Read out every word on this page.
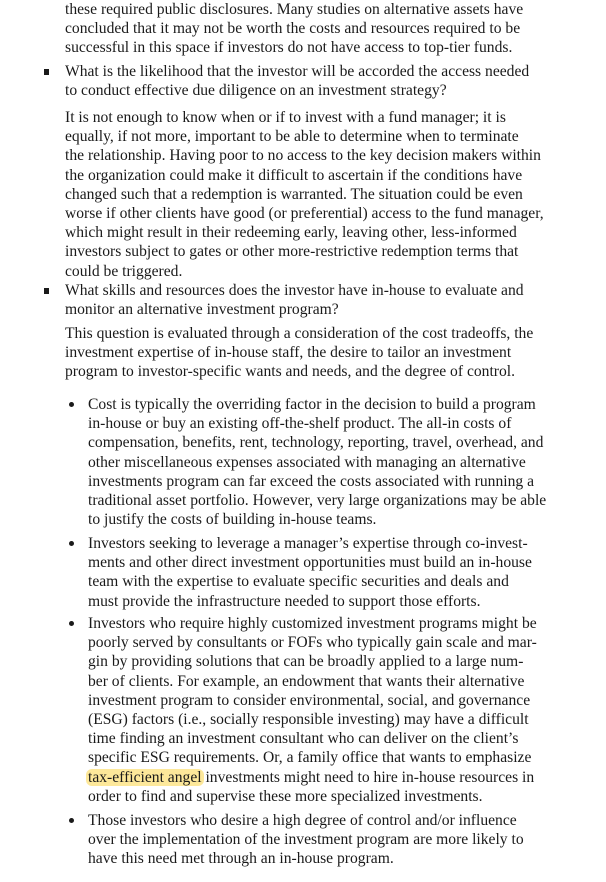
these required public disclosures. Many studies on alternative assets have
concluded that it may not be worth the costs and resources required to be
successful in this space if investors do not have access to top-tier funds.

What is the likelihood that the investor will be accorded the access needed
to conduct effective due diligence on an investment strategy?

It is not enough to know when or if to invest with a fund manager; it is
equally, if not more, important to be able to determine when to terminate
the relationship. Having poor to no access to the key decision makers within
the organization could make it difficult to ascertain if the conditions have
changed such that a redemption is warranted. The situation could be even
worse if other clients have good (or preferential) access to the fund manager,
which might result in their redeeming early, leaving other, less-informed
investors subject to gates or other more-restrictive redemption terms that
could be triggered.

What skills and resources does the investor have in-house to evaluate and
monitor an alternative investment program?

This question is evaluated through a consideration of the cost tradeoffs, the
investment expertise of in-house staff, the desire to tailor an investment
program to investor-specific wants and needs, and the degree of control.

Cost is typically the overriding factor in the decision to build a program
in-house or buy an existing off-the-shelf product. The all-in costs of
compensation, benefits, rent, technology, reporting, travel, overhead, and
other miscellaneous expenses associated with managing an alternative
investments program can far exceed the costs associated with running a
traditional asset portfolio. However, very large organizations may be able
to justify the costs of building in-house teams.
Investors seeking to leverage a manager’s expertise through co-invest-
ments and other direct investment opportunities must build an in-house
team with the expertise to evaluate specific securities and deals and
must provide the infrastructure needed to support those efforts.
Investors who require highly customized investment programs might be
poorly served by consultants or FOFs who typically gain scale and mar-
gin by providing solutions that can be broadly applied to a large num-
ber of clients. For example, an endowment that wants their alternative
investment program to consider environmental, social, and governance
(ESG) factors (i.e., socially responsible investing) may have a difficult
time finding an investment consultant who can deliver on the client’s
specific ESG requirements. Or, a family office that wants to emphasize
tax-efficient angel investments might need to hire in-house resources in
order to find and supervise these more specialized investments.
Those investors who desire a high degree of control and/or influence
over the implementation of the investment program are more likely to
have this need met through an in-house program.
